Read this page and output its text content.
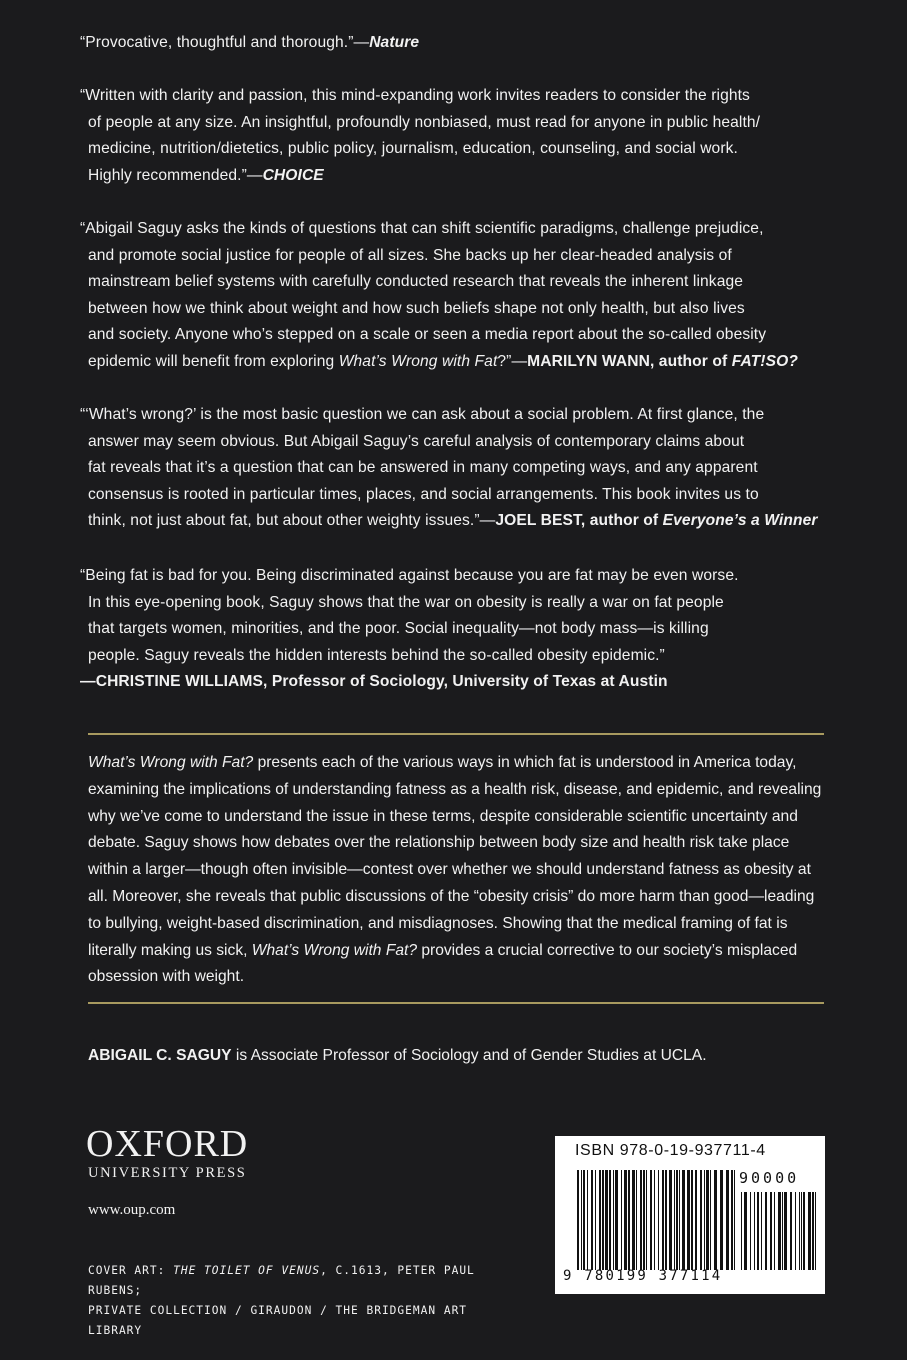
“Provocative, thoughtful and thorough.”—Nature
“Written with clarity and passion, this mind-expanding work invites readers to consider the rights
of people at any size. An insightful, profoundly nonbiased, must read for anyone in public health/
medicine, nutrition/dietetics, public policy, journalism, education, counseling, and social work.
Highly recommended.”—CHOICE
“Abigail Saguy asks the kinds of questions that can shift scientific paradigms, challenge prejudice,
and promote social justice for people of all sizes. She backs up her clear-headed analysis of
mainstream belief systems with carefully conducted research that reveals the inherent linkage
between how we think about weight and how such beliefs shape not only health, but also lives
and society. Anyone who’s stepped on a scale or seen a media report about the so-called obesity
epidemic will benefit from exploring What’s Wrong with Fat?”—MARILYN WANN, author of FAT!SO?
“‘What’s wrong?’ is the most basic question we can ask about a social problem. At first glance, the
answer may seem obvious. But Abigail Saguy’s careful analysis of contemporary claims about
fat reveals that it’s a question that can be answered in many competing ways, and any apparent
consensus is rooted in particular times, places, and social arrangements. This book invites us to
think, not just about fat, but about other weighty issues.”—JOEL BEST, author of Everyone’s a Winner
“Being fat is bad for you. Being discriminated against because you are fat may be even worse.
In this eye-opening book, Saguy shows that the war on obesity is really a war on fat people
that targets women, minorities, and the poor. Social inequality—not body mass—is killing
people. Saguy reveals the hidden interests behind the so-called obesity epidemic.”
—CHRISTINE WILLIAMS, Professor of Sociology, University of Texas at Austin
What’s Wrong with Fat? presents each of the various ways in which fat is understood in America today, examining the implications of understanding fatness as a health risk, disease, and epidemic, and revealing why we’ve come to understand the issue in these terms, despite considerable scientific uncertainty and debate. Saguy shows how debates over the relationship between body size and health risk take place within a larger—though often invisible—contest over whether we should understand fatness as obesity at all. Moreover, she reveals that public discussions of the “obesity crisis” do more harm than good—leading to bullying, weight-based discrimination, and misdiagnoses. Showing that the medical framing of fat is literally making us sick, What’s Wrong with Fat? provides a crucial corrective to our society’s misplaced obsession with weight.
ABIGAIL C. SAGUY is Associate Professor of Sociology and of Gender Studies at UCLA.
OXFORD
UNIVERSITY PRESS
www.oup.com
COVER ART: THE TOILET OF VENUS, C.1613, PETER PAUL RUBENS;
PRIVATE COLLECTION / GIRAUDON / THE BRIDGEMAN ART LIBRARY
ISBN 978-0-19-937711-4
90000
9 780199 377114
